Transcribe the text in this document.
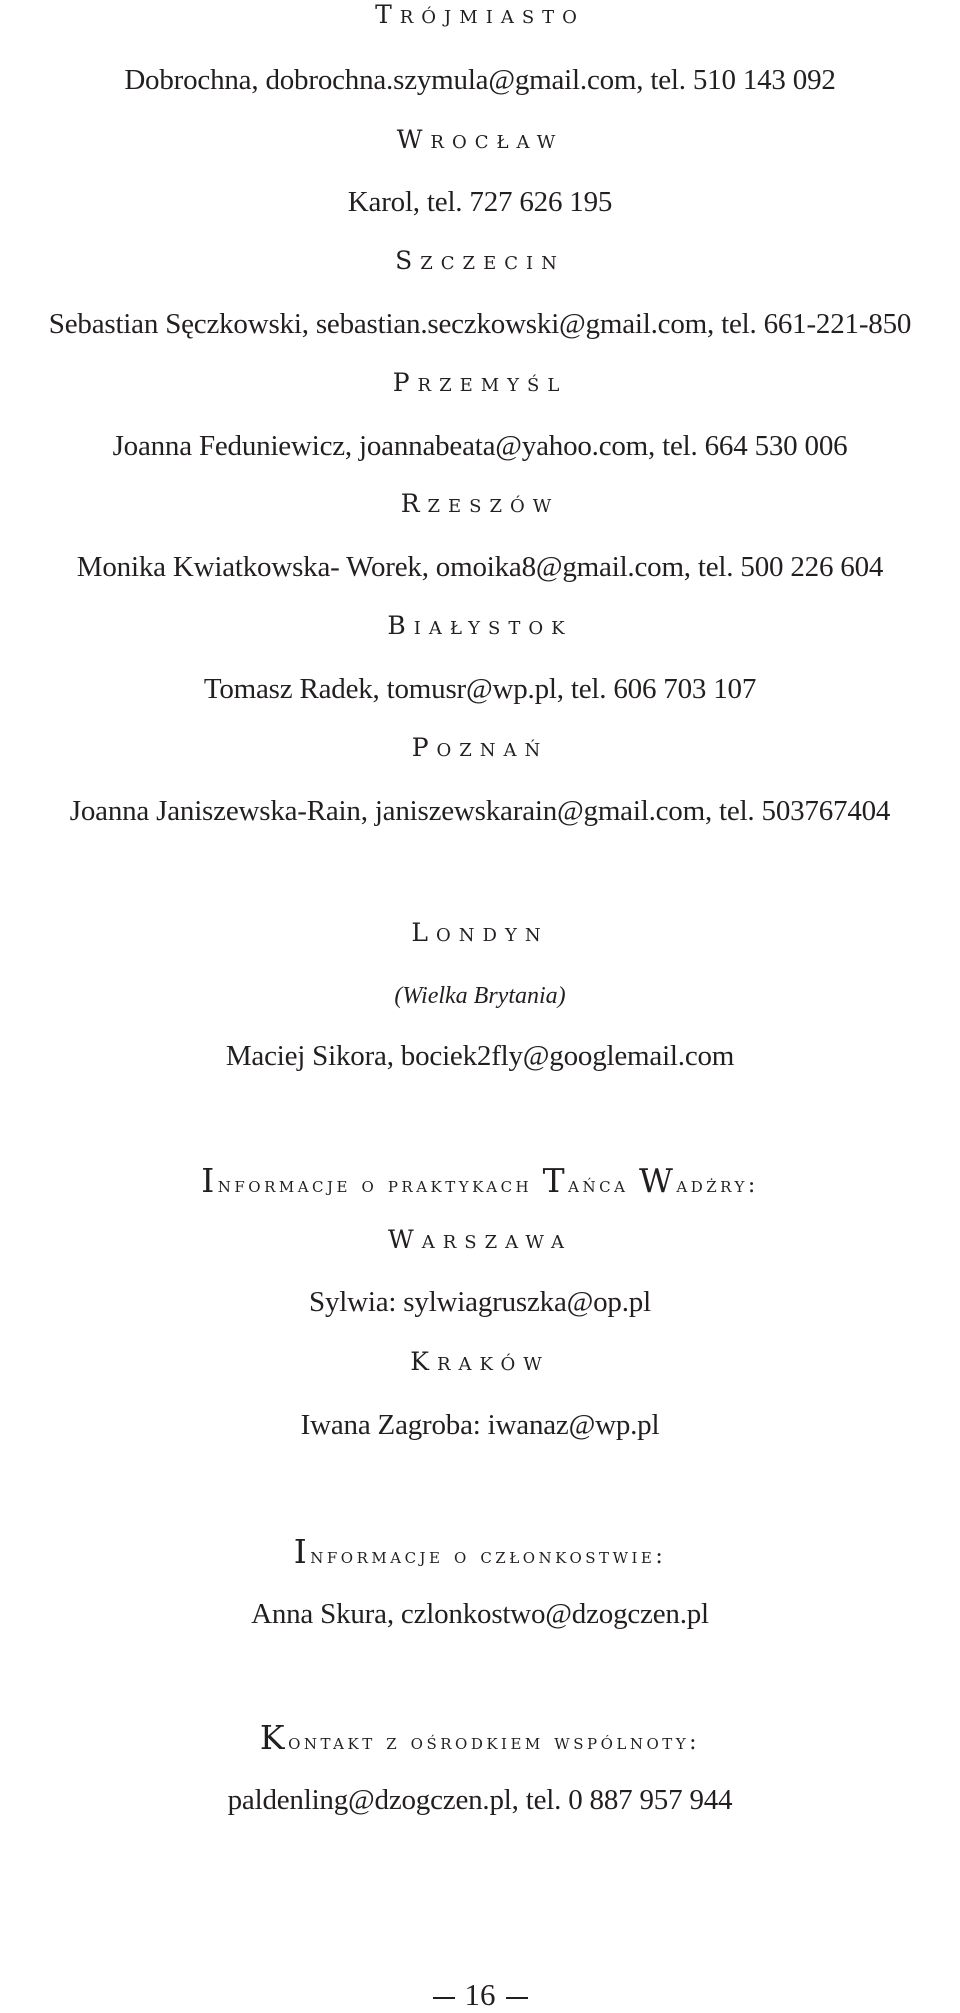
TRÓJMIASTO
Dobrochna, dobrochna.szymula@gmail.com, tel. 510 143 092
WROCŁAW
Karol, tel. 727 626 195
SZCZECIN
Sebastian Sęczkowski, sebastian.seczkowski@gmail.com, tel. 661-221-850
PRZEMYŚL
Joanna Feduniewicz, joannabeata@yahoo.com, tel. 664 530 006
RZESZÓW
Monika Kwiatkowska- Worek, omoika8@gmail.com, tel. 500 226 604
BIAŁYSTOK
Tomasz Radek, tomusr@wp.pl, tel. 606 703 107
POZNAŃ
Joanna Janiszewska-Rain, janiszewskarain@gmail.com, tel. 503767404
LONDYN
(Wielka Brytania)
Maciej Sikora, bociek2fly@googlemail.com
Informacje o praktykach Tańca Wadżry:
WARSZAWA
Sylwia: sylwiagruszka@op.pl
KRAKÓW
Iwana Zagroba: iwanaz@wp.pl
Informacje o członkostwie:
Anna Skura, czlonkostwo@dzogczen.pl
Kontakt z ośrodkiem wspólnoty:
paldenling@dzogczen.pl, tel. 0 887 957 944
16
